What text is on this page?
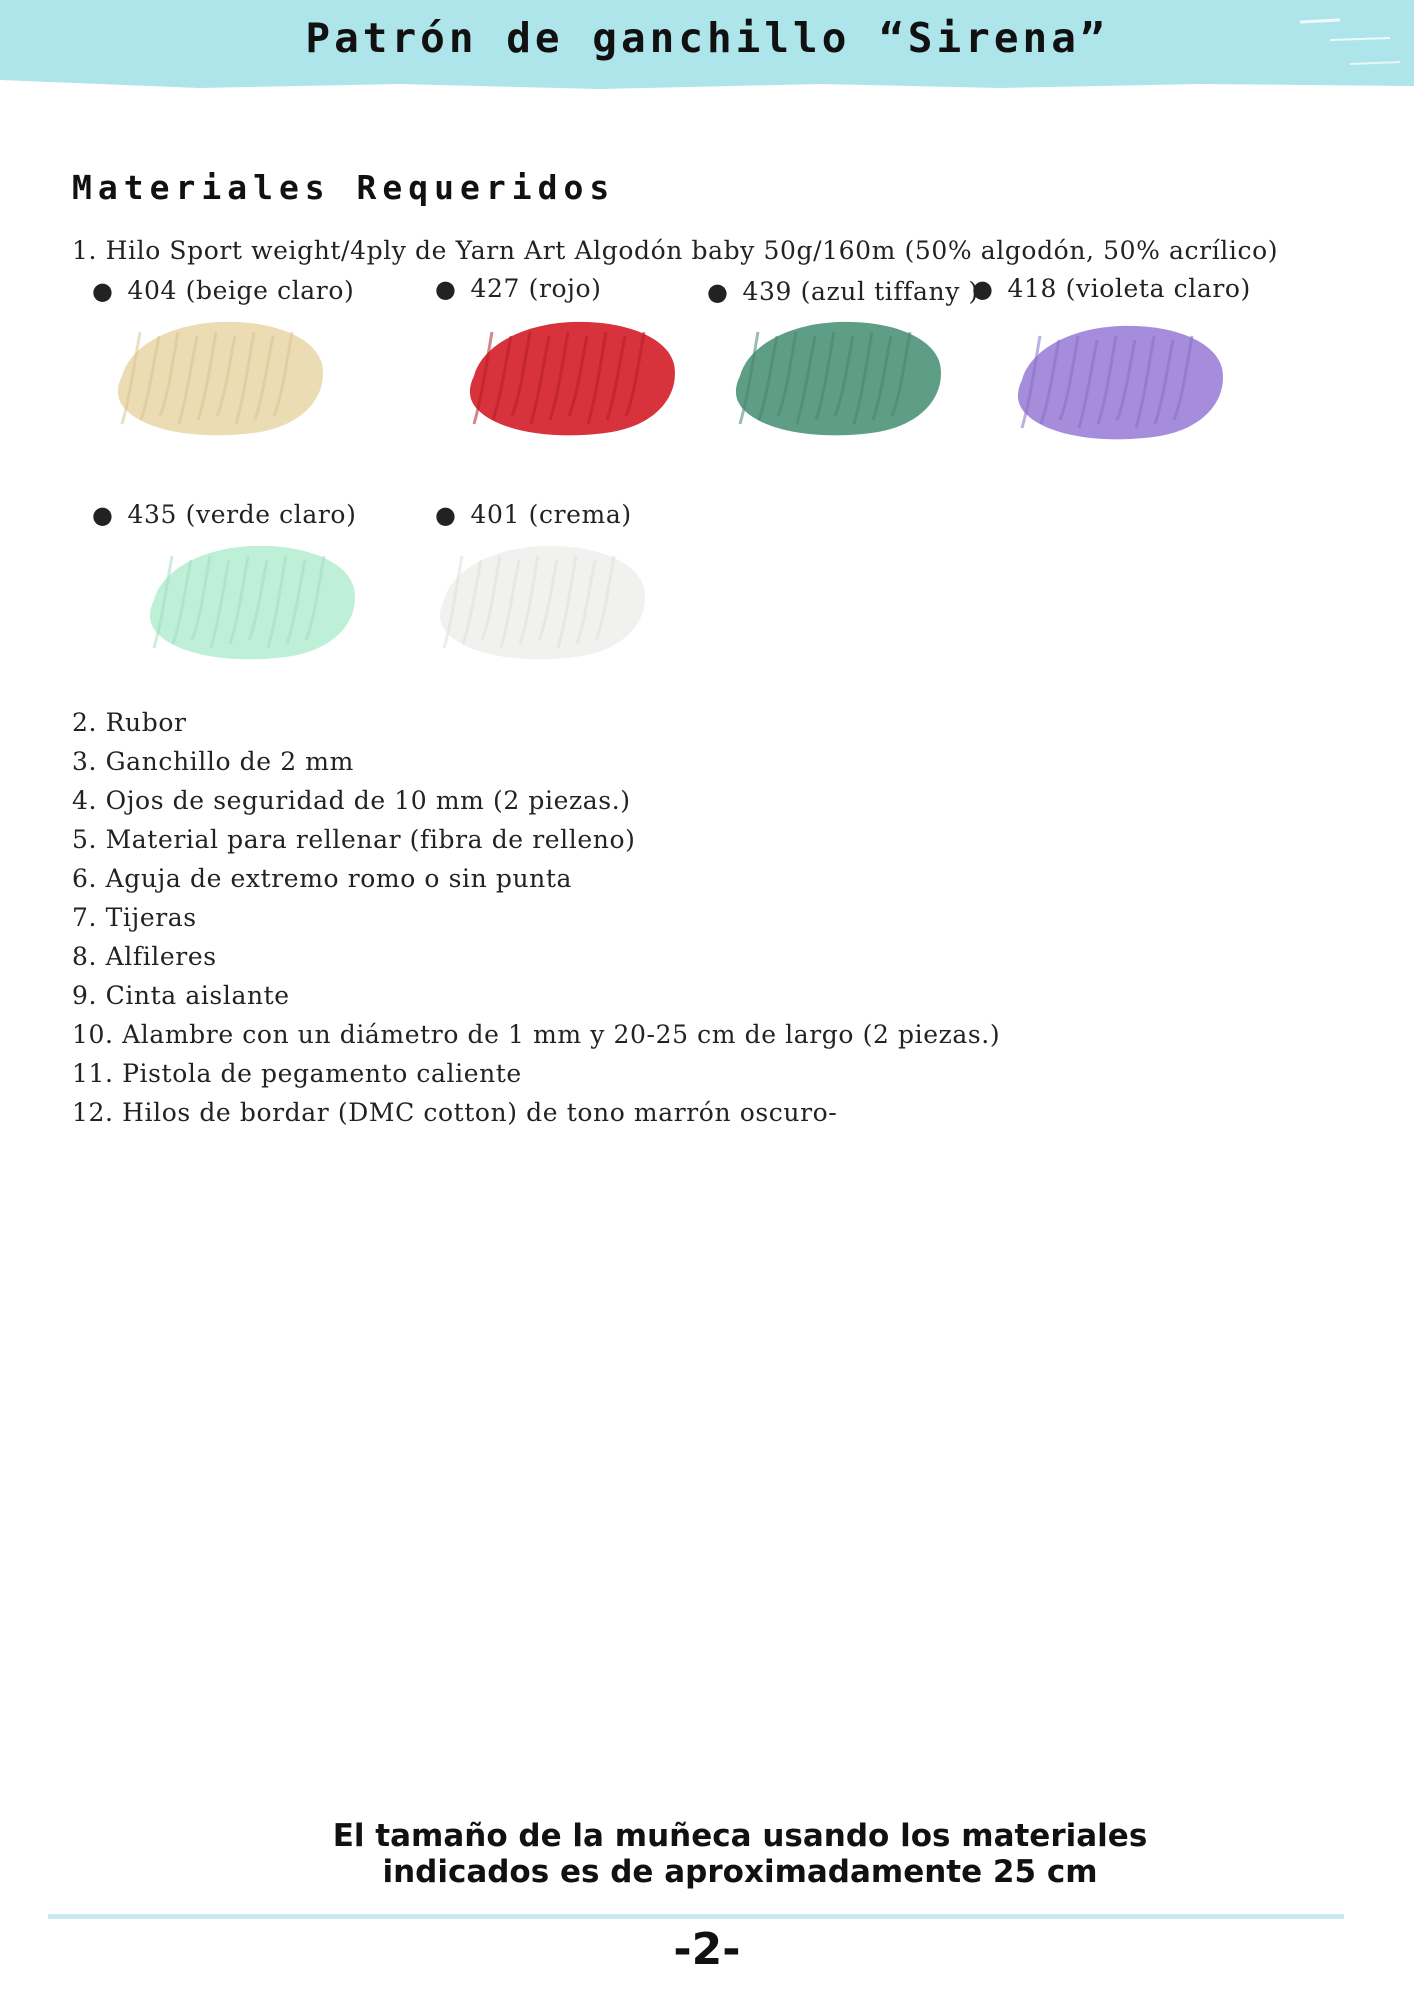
Patrón de ganchillo “Sirena”
Materiales Requeridos
1. Hilo Sport weight/4ply de Yarn Art Algodón baby 50g/160m (50% algodón, 50% acrílico)
● 404 (beige claro)	● 427 (rojo)	● 439 (azul tiffany )
● 418 (violeta claro)
● 435 (verde claro)	● 401 (crema)
2. Rubor
3. Ganchillo de 2 mm
4. Ojos de seguridad de 10 mm (2 piezas.)
5. Material para rellenar (fibra de relleno)
6. Aguja de extremo romo o sin punta
7. Tijeras
8. Alfileres
9. Cinta aislante
10. Alambre con un diámetro de 1 mm y 20-25 cm de largo (2 piezas.)
11. Pistola de pegamento caliente
12. Hilos de bordar (DMC cotton) de tono marrón oscuro-
El tamaño de la muñeca usando los materiales
indicados es de aproximadamente 25 cm
-2-
